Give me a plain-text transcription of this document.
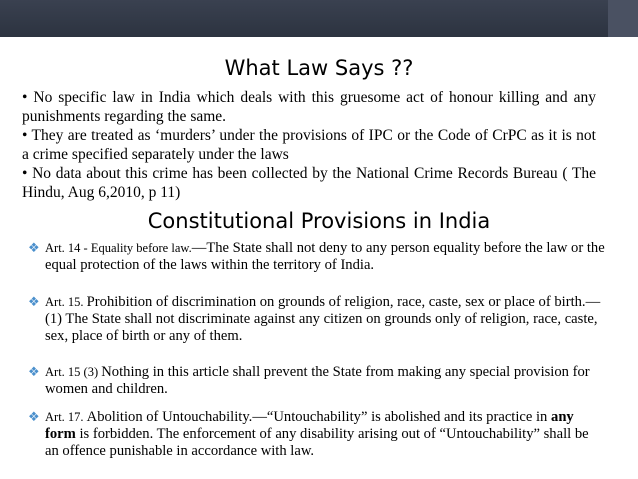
What Law Says ??

• No specific law in India which deals with this gruesome act of honour killing and any punishments regarding the same.

• They are treated as ‘murders’ under the provisions of IPC or the Code of CrPC as it is not a crime specified separately under the laws

• No data about this crime has been collected by the National Crime Records Bureau ( The Hindu, Aug 6,2010, p 11)

Constitutional Provisions in India
❖ Art. 14 - Equality before law.—The State shall not deny to any person equality before the law or the equal protection of the laws within the territory of India.
❖ Art. 15. Prohibition of discrimination on grounds of religion, race, caste, sex or place of birth.—(1) The State shall not discriminate against any citizen on grounds only of religion, race, caste, sex, place of birth or any of them.
❖ Art. 15 (3) Nothing in this article shall prevent the State from making any special provision for women and children.
❖ Art. 17. Abolition of Untouchability.—“Untouchability” is abolished and its practice in any form is forbidden. The enforcement of any disability arising out of “Untouchability” shall be an offence punishable in accordance with law.
